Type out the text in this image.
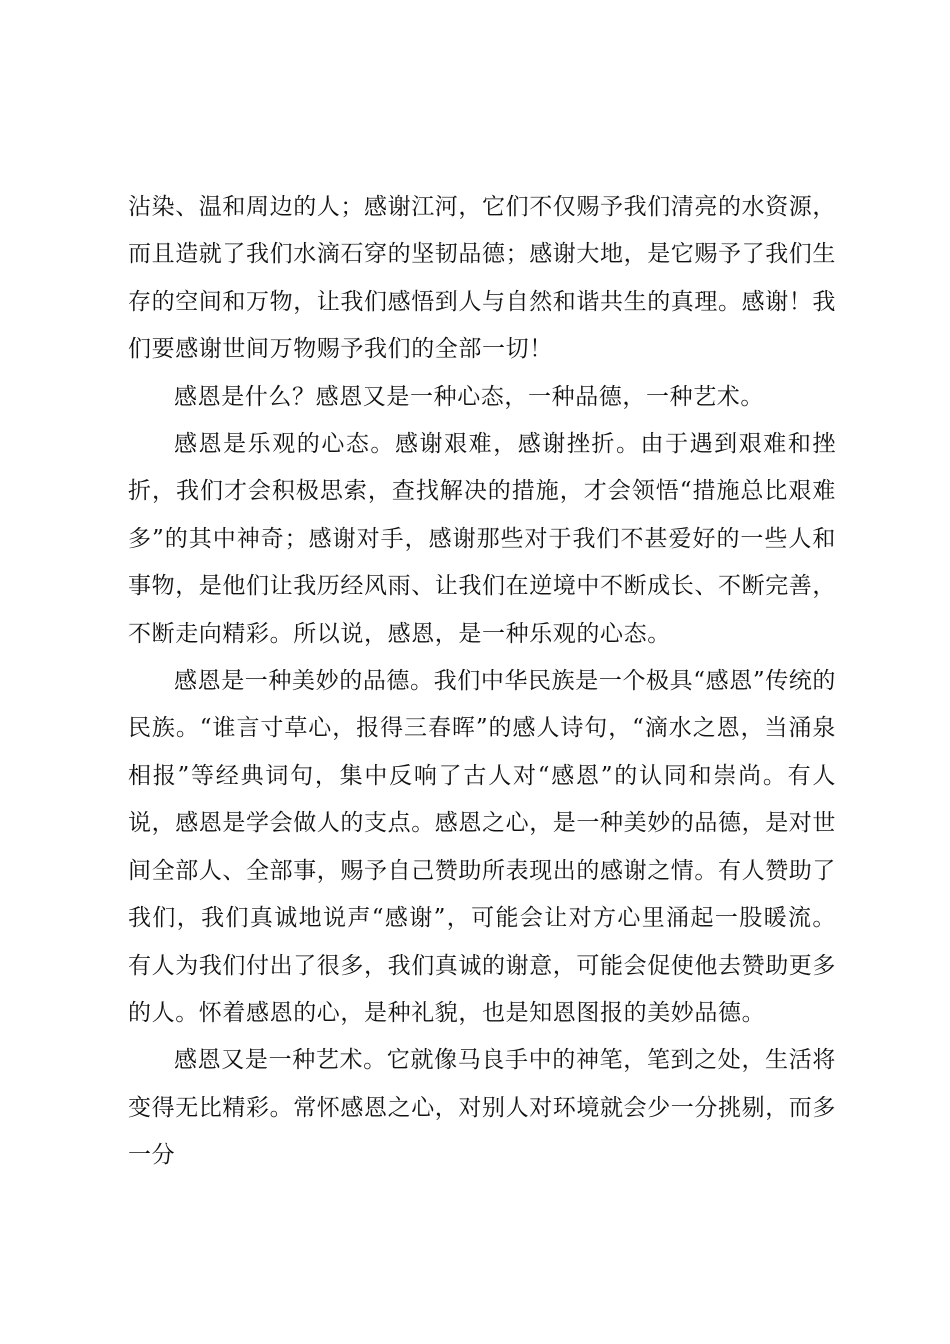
沾染、温和周边的人；感谢江河，它们不仅赐予我们清亮的水资源，而且造就了我们水滴石穿的坚韧品德；感谢大地，是它赐予了我们生存的空间和万物，让我们感悟到人与自然和谐共生的真理。感谢！我们要感谢世间万物赐予我们的全部一切！

感恩是什么？感恩又是一种心态，一种品德，一种艺术。

感恩是乐观的心态。感谢艰难，感谢挫折。由于遇到艰难和挫折，我们才会积极思索，查找解决的措施，才会领悟“措施总比艰难多”的其中神奇；感谢对手，感谢那些对于我们不甚爱好的一些人和事物，是他们让我历经风雨、让我们在逆境中不断成长、不断完善，不断走向精彩。所以说，感恩，是一种乐观的心态。

感恩是一种美妙的品德。我们中华民族是一个极具“感恩”传统的民族。“谁言寸草心，报得三春晖”的感人诗句，“滴水之恩，当涌泉相报”等经典词句，集中反响了古人对“感恩”的认同和崇尚。有人说，感恩是学会做人的支点。感恩之心，是一种美妙的品德，是对世间全部人、全部事，赐予自己赞助所表现出的感谢之情。有人赞助了我们，我们真诚地说声“感谢”，可能会让对方心里涌起一股暖流。有人为我们付出了很多，我们真诚的谢意，可能会促使他去赞助更多的人。怀着感恩的心，是种礼貌，也是知恩图报的美妙品德。

感恩又是一种艺术。它就像马良手中的神笔，笔到之处，生活将变得无比精彩。常怀感恩之心，对别人对环境就会少一分挑剔，而多一分
